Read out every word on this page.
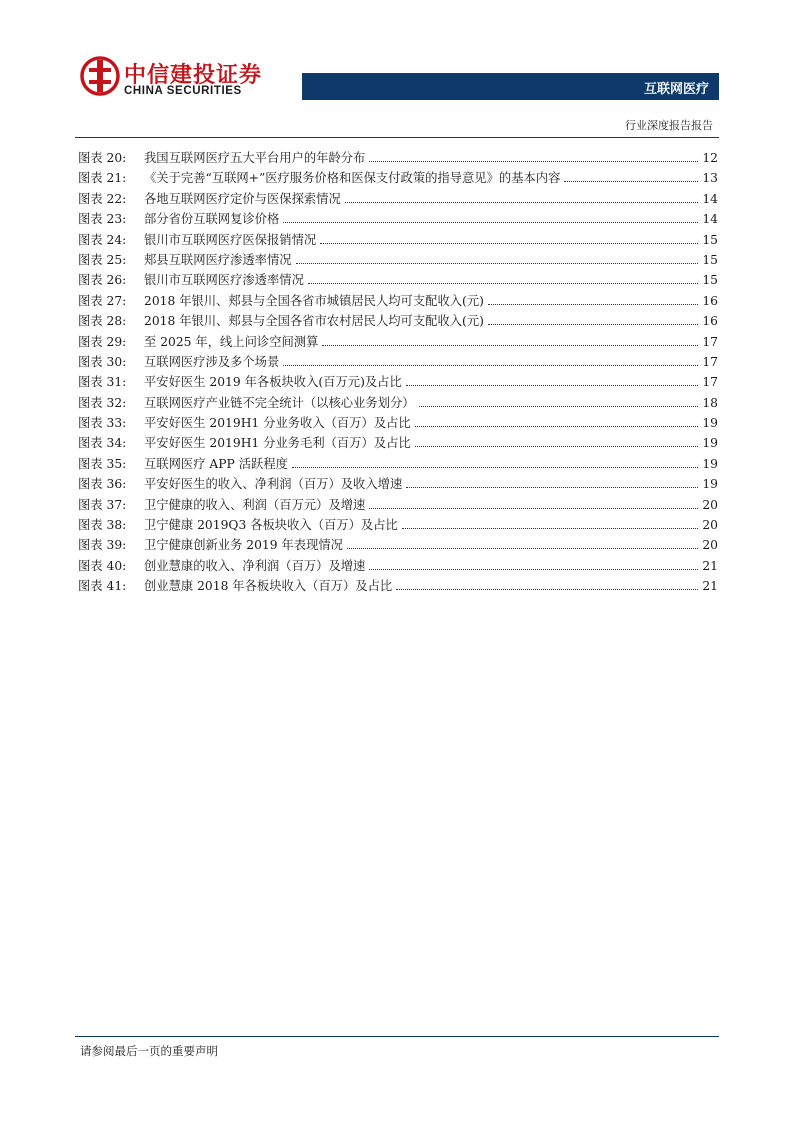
中信建投证券
CHINA SECURITIES	互联网医疗
行业深度报告报告
图表 20:	我国互联网医疗五大平台用户的年龄分布	12
图表 21:	《关于完善“互联网+”医疗服务价格和医保支付政策的指导意见》的基本内容	13
图表 22:	各地互联网医疗定价与医保探索情况	14
图表 23:	部分省份互联网复诊价格	14
图表 24:	银川市互联网医疗医保报销情况	15
图表 25:	郏县互联网医疗渗透率情况	15
图表 26:	银川市互联网医疗渗透率情况	15
图表 27:	2018 年银川、郏县与全国各省市城镇居民人均可支配收入(元)	16
图表 28:	2018 年银川、郏县与全国各省市农村居民人均可支配收入(元)	16
图表 29:	至 2025 年，线上问诊空间测算	17
图表 30:	互联网医疗涉及多个场景	17
图表 31:	平安好医生 2019 年各板块收入(百万元)及占比	17
图表 32:	互联网医疗产业链不完全统计（以核心业务划分）	18
图表 33:	平安好医生 2019H1 分业务收入（百万）及占比	19
图表 34:	平安好医生 2019H1 分业务毛利（百万）及占比	19
图表 35:	互联网医疗 APP 活跃程度	19
图表 36:	平安好医生的收入、净利润（百万）及收入增速	19
图表 37:	卫宁健康的收入、利润（百万元）及增速	20
图表 38:	卫宁健康 2019Q3 各板块收入（百万）及占比	20
图表 39:	卫宁健康创新业务 2019 年表现情况	20
图表 40:	创业慧康的收入、净利润（百万）及增速	21
图表 41:	创业慧康 2018 年各板块收入（百万）及占比	21
请参阅最后一页的重要声明
